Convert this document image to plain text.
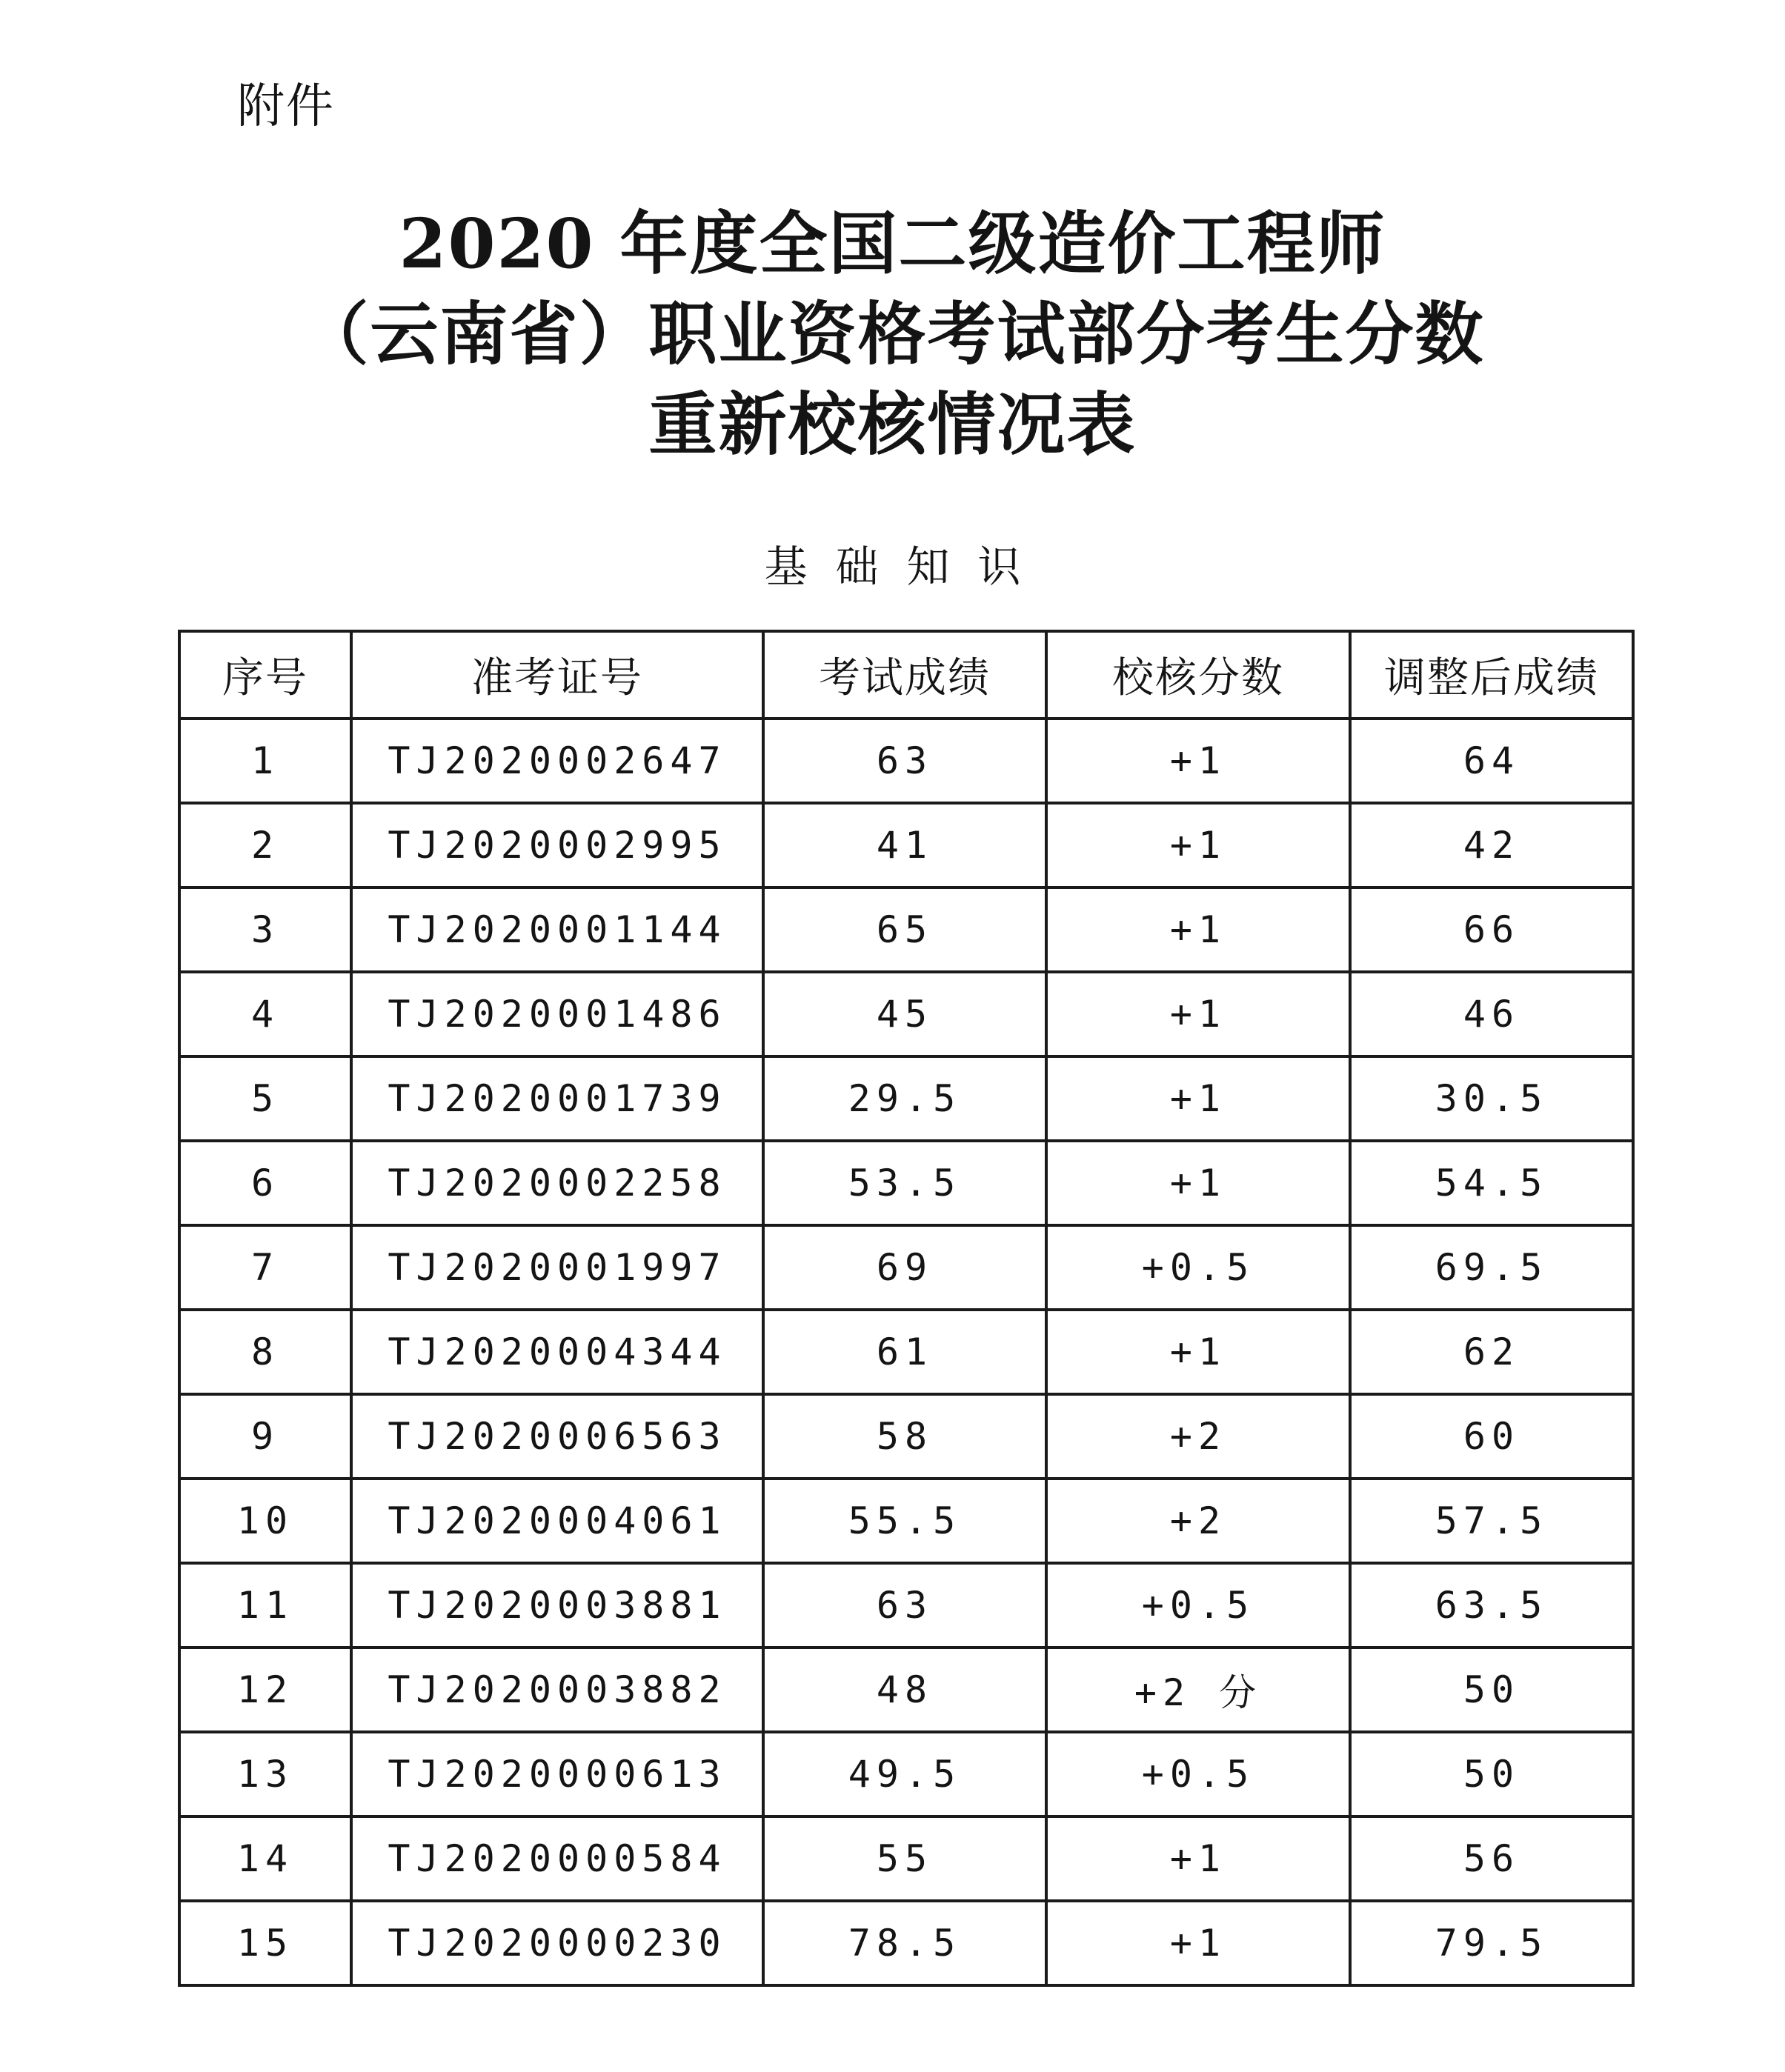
附件
2020 年度全国二级造价工程师
（云南省）职业资格考试部分考生分数
重新校核情况表
基础知识
序号	准考证号	考试成绩	校核分数	调整后成绩
1	TJ2020002647	63	+1	64
2	TJ2020002995	41	+1	42
3	TJ2020001144	65	+1	66
4	TJ2020001486	45	+1	46
5	TJ2020001739	29.5	+1	30.5
6	TJ2020002258	53.5	+1	54.5
7	TJ2020001997	69	+0.5	69.5
8	TJ2020004344	61	+1	62
9	TJ2020006563	58	+2	60
10	TJ2020004061	55.5	+2	57.5
11	TJ2020003881	63	+0.5	63.5
12	TJ2020003882	48	+2 分	50
13	TJ2020000613	49.5	+0.5	50
14	TJ2020000584	55	+1	56
15	TJ2020000230	78.5	+1	79.5
